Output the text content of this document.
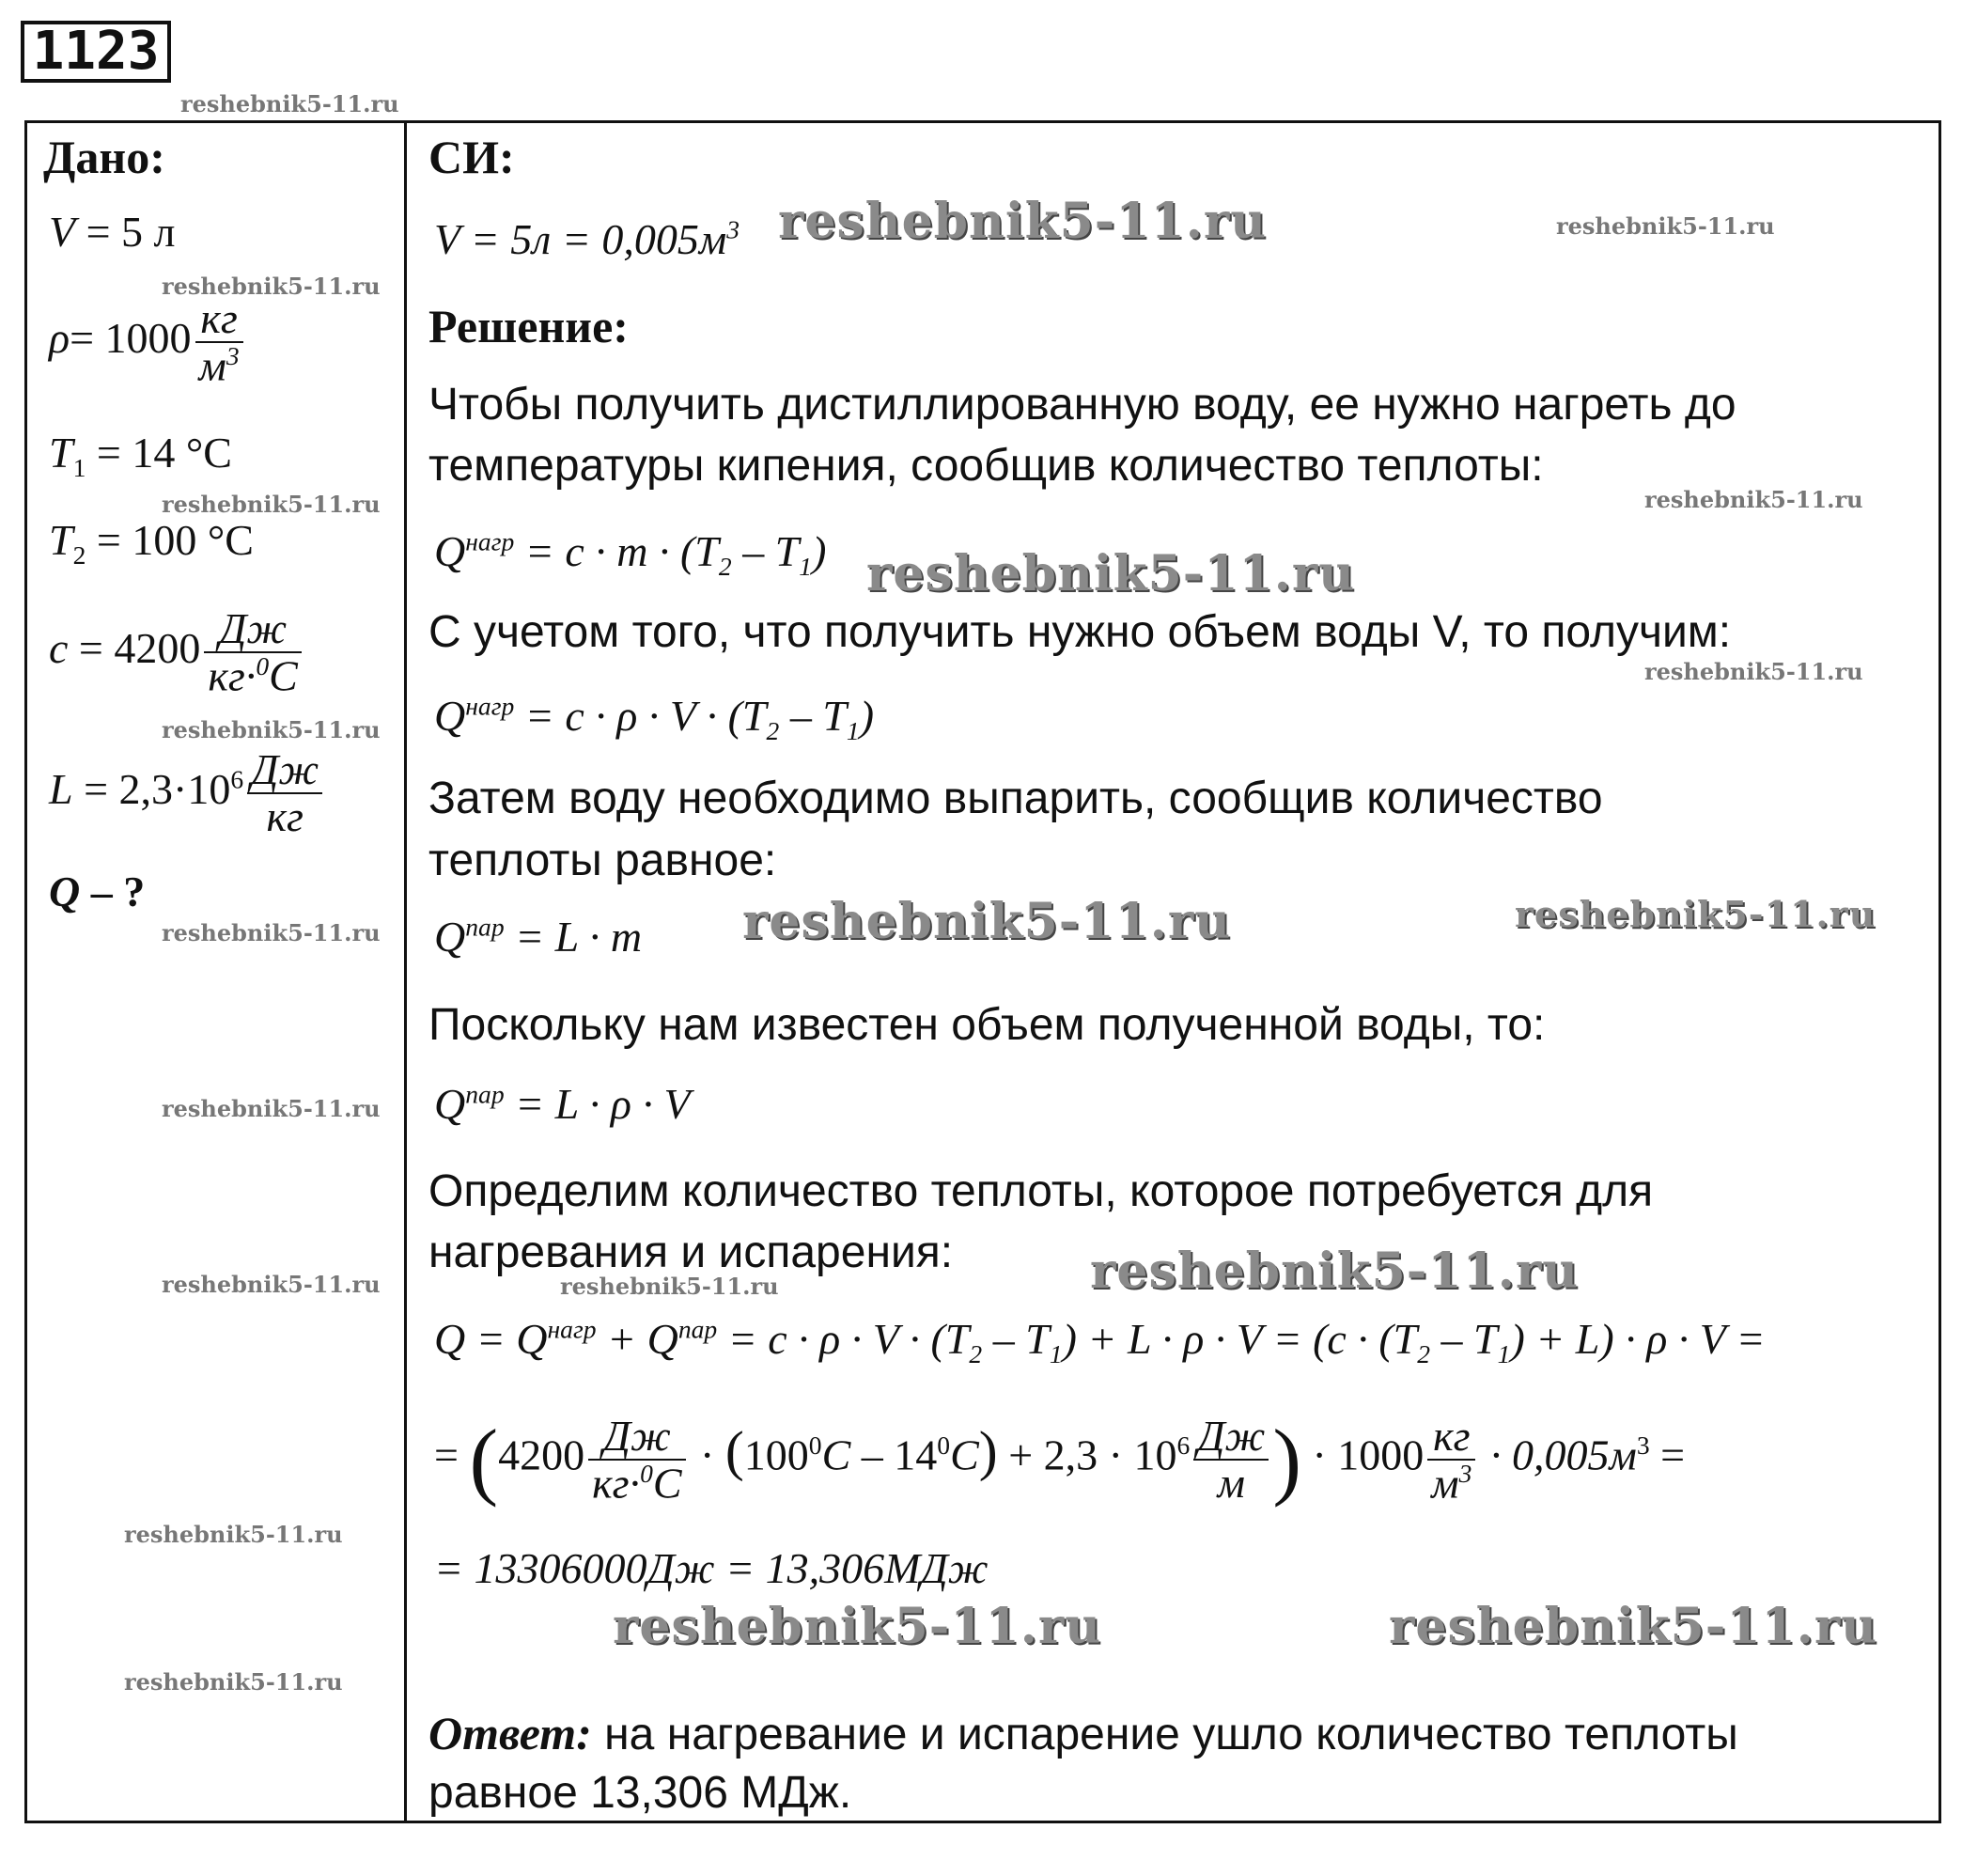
1123
reshebnik5-11.ru
Дано:
V = 5 л
reshebnik5-11.ru
$\rho= 1000 \frac{кг}{м^3}$
$T_1 = 14$ °C
reshebnik5-11.ru
$T_2 = 100$ °C
$c = 4200 \frac{Дж}{кг\cdot^0C}$
reshebnik5-11.ru
$L = 2,3\cdot 10^6 \frac{Дж}{кг}$
Q – ?
reshebnik5-11.ru
reshebnik5-11.ru
reshebnik5-11.ru
reshebnik5-11.ru
reshebnik5-11.ru
СИ:
$V = 5л = 0,005м^3$ reshebnik5-11.ru	reshebnik5-11.ru
Решение:
Чтобы получить дистиллированную воду, ее нужно нагреть до
температуры кипения, сообщив количество теплоты:
reshebnik5-11.ru
$Q^{нагр} = c \cdot m \cdot (T_2 - T_1)$ reshebnik5-11.ru
С учетом того, что получить нужно объем воды V, то получим:
reshebnik5-11.ru
$Q^{нагр} = c \cdot \rho \cdot V \cdot (T_2 - T_1)$
Затем воду необходимо выпарить, сообщив количество
теплоты равное:
$Q^{пар} = L \cdot m$ reshebnik5-11.ru	reshebnik5-11.ru
Поскольку нам известен объем полученной воды, то:
$Q^{пар} = L \cdot \rho \cdot V$
Определим количество теплоты, которое потребуется для
нагревания и испарения:	reshebnik5-11.ru
reshebnik5-11.ru
$Q = Q^{нагр} + Q^{пар} = c \cdot \rho \cdot V \cdot (T_2 - T_1) + L \cdot \rho \cdot V = (c \cdot (T_2 - T_1) + L) \cdot \rho \cdot V$ =
= ($4200 \frac{Дж}{кг\cdot^0C} \cdot (100^0C - 14^0C) + 2,3 \cdot 10^6 \frac{Дж}{м}$ ) · $1000 \frac{кг}{м^3} \cdot 0,005м^3$ =
= 13306000Дж = 13,306МДж
reshebnik5-11.ru	reshebnik5-11.ru
Ответ: на нагревание и испарение ушло количество теплоты
равное 13,306 МДж.
